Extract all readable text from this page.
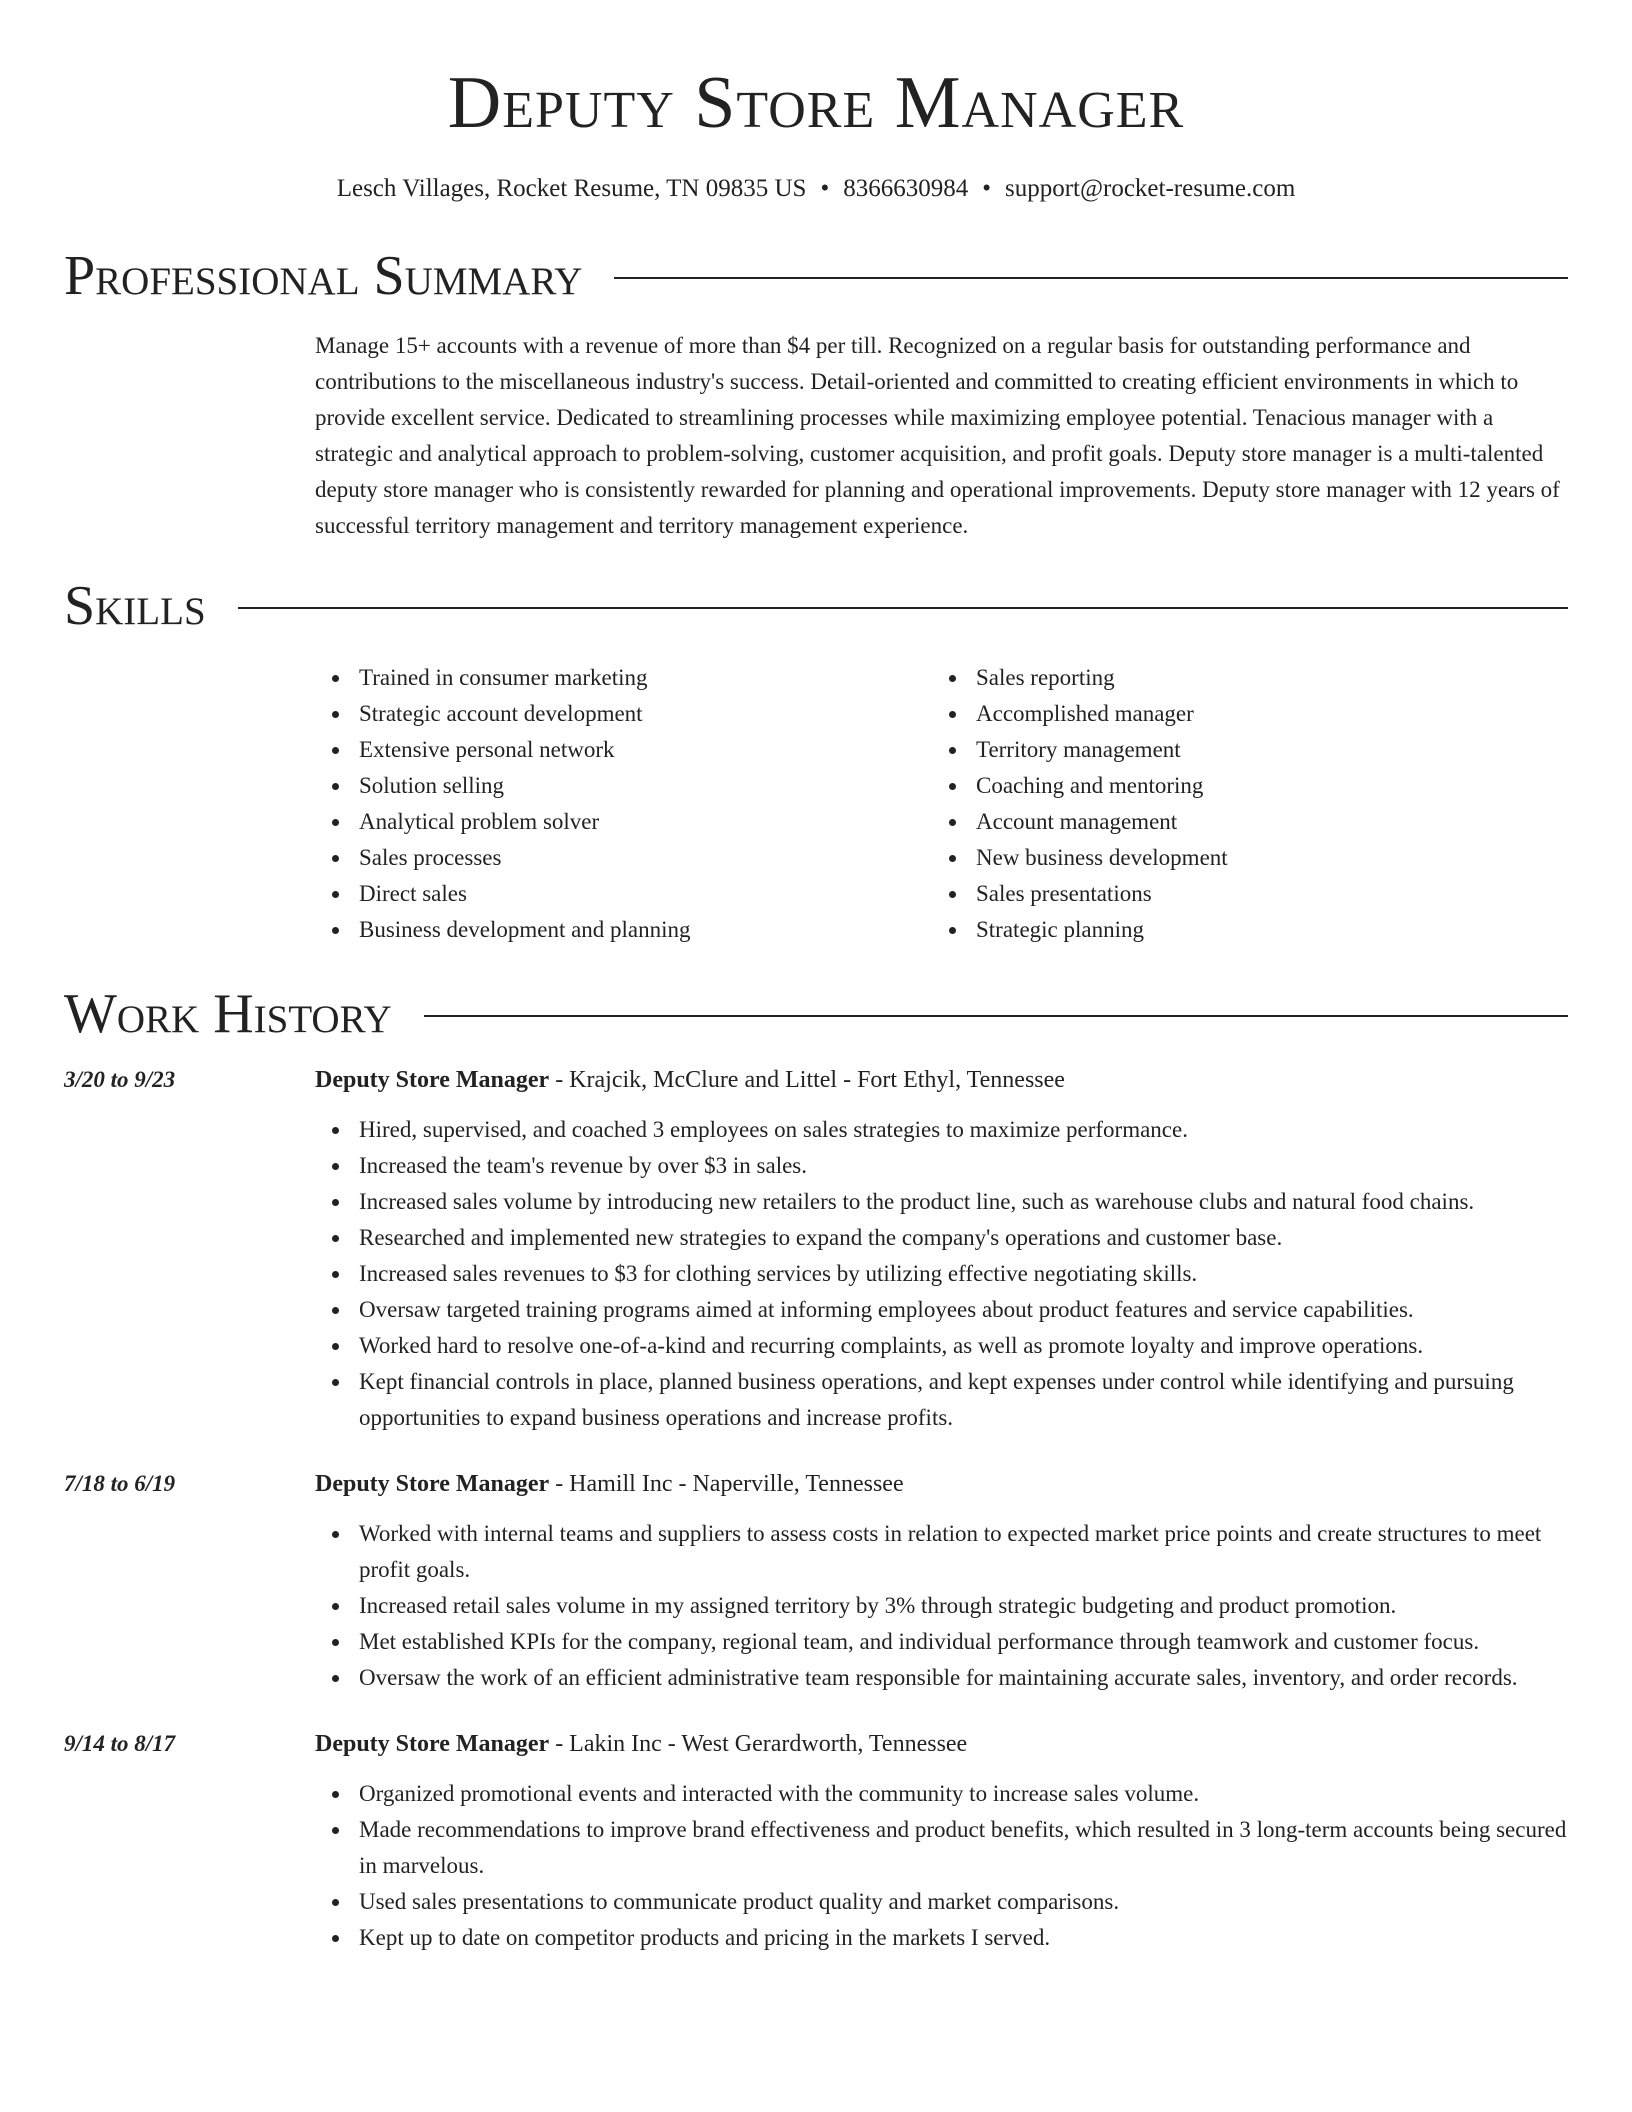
Deputy Store Manager
Lesch Villages, Rocket Resume, TN 09835 US • 8366630984 • support@rocket-resume.com
Professional Summary
Manage 15+ accounts with a revenue of more than $4 per till. Recognized on a regular basis for outstanding performance and contributions to the miscellaneous industry's success. Detail-oriented and committed to creating efficient environments in which to provide excellent service. Dedicated to streamlining processes while maximizing employee potential. Tenacious manager with a strategic and analytical approach to problem-solving, customer acquisition, and profit goals. Deputy store manager is a multi-talented deputy store manager who is consistently rewarded for planning and operational improvements. Deputy store manager with 12 years of successful territory management and territory management experience.
Skills
Trained in consumer marketing
Strategic account development
Extensive personal network
Solution selling
Analytical problem solver
Sales processes
Direct sales
Business development and planning
Sales reporting
Accomplished manager
Territory management
Coaching and mentoring
Account management
New business development
Sales presentations
Strategic planning
Work History
3/20 to 9/23	Deputy Store Manager - Krajcik, McClure and Littel - Fort Ethyl, Tennessee
Hired, supervised, and coached 3 employees on sales strategies to maximize performance.
Increased the team's revenue by over $3 in sales.
Increased sales volume by introducing new retailers to the product line, such as warehouse clubs and natural food chains.
Researched and implemented new strategies to expand the company's operations and customer base.
Increased sales revenues to $3 for clothing services by utilizing effective negotiating skills.
Oversaw targeted training programs aimed at informing employees about product features and service capabilities.
Worked hard to resolve one-of-a-kind and recurring complaints, as well as promote loyalty and improve operations.
Kept financial controls in place, planned business operations, and kept expenses under control while identifying and pursuing opportunities to expand business operations and increase profits.
7/18 to 6/19	Deputy Store Manager - Hamill Inc - Naperville, Tennessee
Worked with internal teams and suppliers to assess costs in relation to expected market price points and create structures to meet profit goals.
Increased retail sales volume in my assigned territory by 3% through strategic budgeting and product promotion.
Met established KPIs for the company, regional team, and individual performance through teamwork and customer focus.
Oversaw the work of an efficient administrative team responsible for maintaining accurate sales, inventory, and order records.
9/14 to 8/17	Deputy Store Manager - Lakin Inc - West Gerardworth, Tennessee
Organized promotional events and interacted with the community to increase sales volume.
Made recommendations to improve brand effectiveness and product benefits, which resulted in 3 long-term accounts being secured in marvelous.
Used sales presentations to communicate product quality and market comparisons.
Kept up to date on competitor products and pricing in the markets I served.
